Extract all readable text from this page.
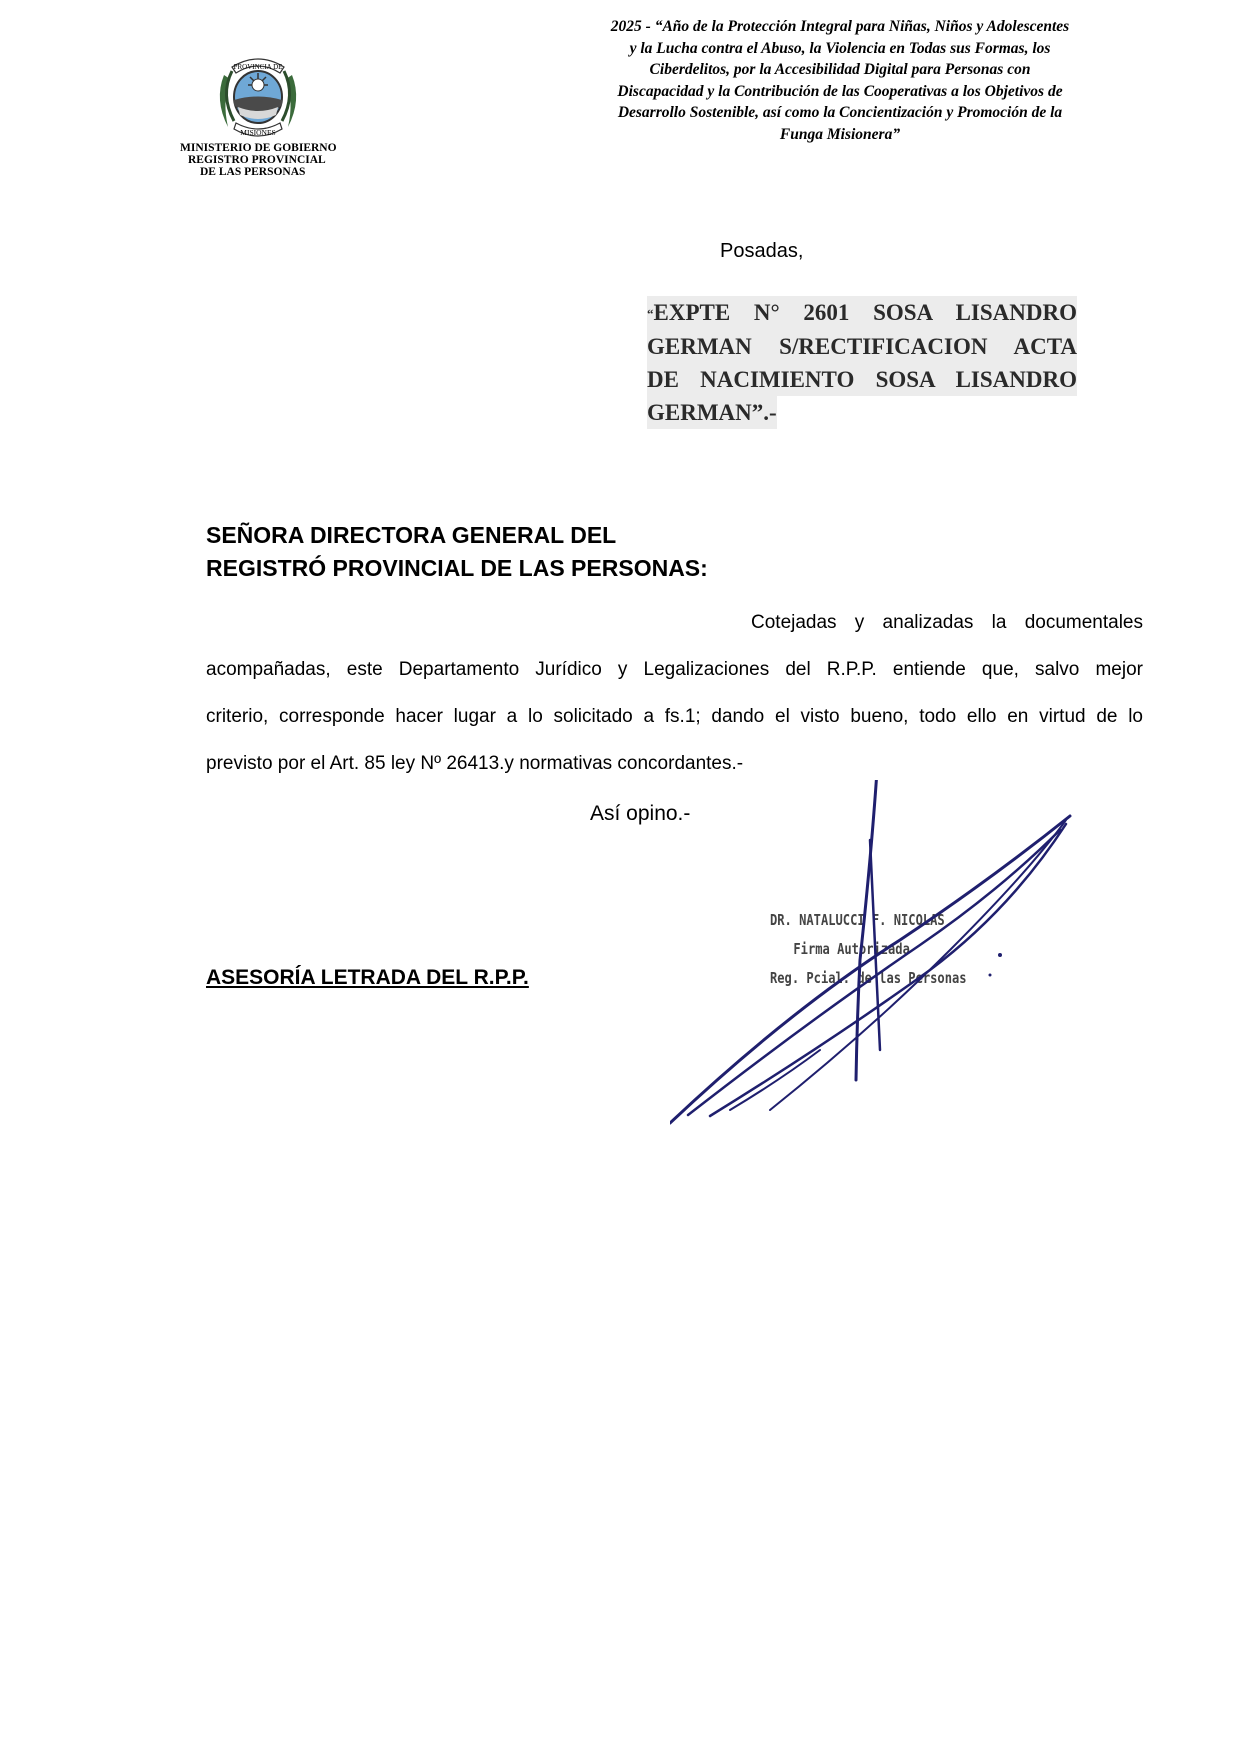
PROVINCIA DE
MISIONES
MINISTERIO DE GOBIERNO
REGISTRO PROVINCIAL
DE LAS PERSONAS
2025 - “Año de la Protección Integral para Niñas, Niños y Adolescentes
y la Lucha contra el Abuso, la Violencia en Todas sus Formas, los
Ciberdelitos, por la Accesibilidad Digital para Personas con
Discapacidad y la Contribución de las Cooperativas a los Objetivos de
Desarrollo Sostenible, así como la Concientización y Promoción de la
Funga Misionera”
Posadas,
“EXPTE N° 2601 SOSA LISANDRO
GERMAN S/RECTIFICACION ACTA
DE NACIMIENTO SOSA LISANDRO
GERMAN”.-
SEÑORA DIRECTORA GENERAL DEL
REGISTRÓ PROVINCIAL DE LAS PERSONAS:
Cotejadas y analizadas la documentales
acompañadas, este Departamento Jurídico y Legalizaciones del R.P.P. entiende que, salvo mejor
criterio, corresponde hacer lugar a lo solicitado a fs.1; dando el visto bueno, todo ello en virtud de lo
previsto por el Art. 85 ley Nº 26413.y normativas concordantes.-
Así opino.-
DR. NATALUCCI F. NICOLAS
Firma Autorizada
Reg. Pcial. de las Personas
ASESORÍA LETRADA DEL R.P.P.
